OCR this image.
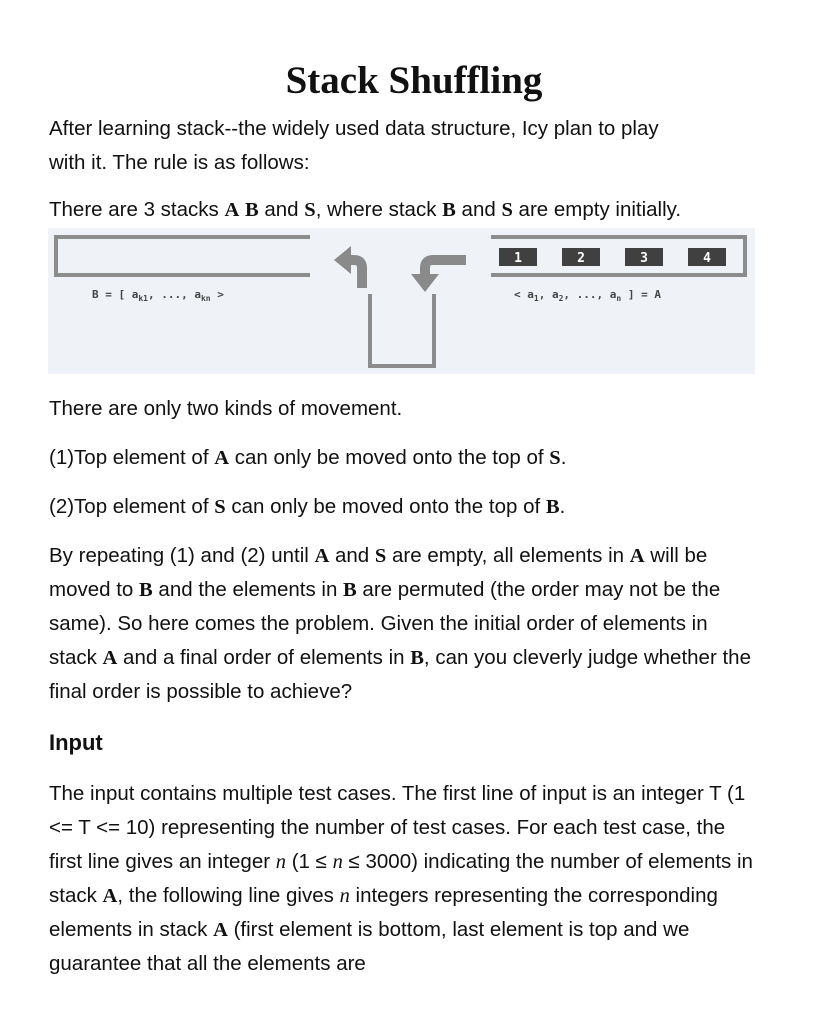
Stack Shuffling

After learning stack--the widely used data structure, Icy plan to play
with it. The rule is as follows:

There are 3 stacks A B and S, where stack B and S are empty initially.

1	2	3	4
B = [ $a_{k1}$, ..., $a_{kn}$ >	< $a_1$, $a_2$, ..., $a_n$ ] = A

There are only two kinds of movement.

(1)Top element of A can only be moved onto the top of S.

(2)Top element of S can only be moved onto the top of B.

By repeating (1) and (2) until A and S are empty, all elements in A will be moved to B and the elements in B are permuted (the order may not be the same). So here comes the problem. Given the initial order of elements in stack A and a final order of elements in B, can you cleverly judge whether the final order is possible to achieve?

Input

The input contains multiple test cases. The first line of input is an integer T (1 <= T <= 10) representing the number of test cases. For each test case, the first line gives an integer n (1 ≤ n ≤ 3000) indicating the number of elements in stack A, the following line gives n integers representing the corresponding elements in stack A (first element is bottom, last element is top and we guarantee that all the elements are
